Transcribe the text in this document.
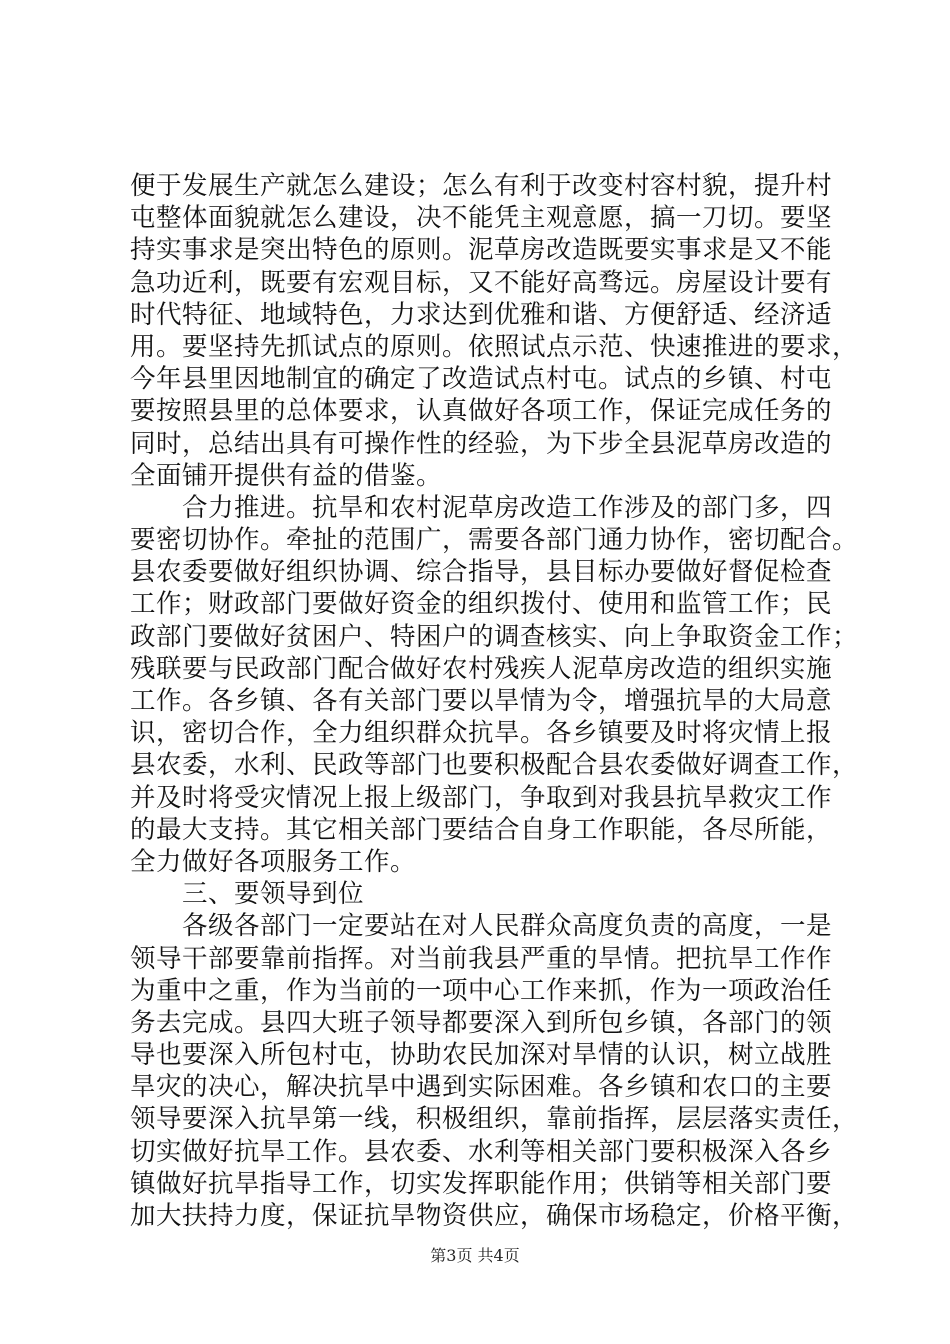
便于发展生产就怎么建设；怎么有利于改变村容村貌，提升村
屯整体面貌就怎么建设，决不能凭主观意愿，搞一刀切。要坚
持实事求是突出特色的原则。泥草房改造既要实事求是又不能
急功近利，既要有宏观目标，又不能好高骛远。房屋设计要有
时代特征、地域特色，力求达到优雅和谐、方便舒适、经济适
用。要坚持先抓试点的原则。依照试点示范、快速推进的要求，
今年县里因地制宜的确定了改造试点村屯。试点的乡镇、村屯
要按照县里的总体要求，认真做好各项工作，保证完成任务的
同时，总结出具有可操作性的经验，为下步全县泥草房改造的
全面铺开提供有益的借鉴。
　　合力推进。抗旱和农村泥草房改造工作涉及的部门多，四
要密切协作。牵扯的范围广，需要各部门通力协作，密切配合。
县农委要做好组织协调、综合指导，县目标办要做好督促检查
工作；财政部门要做好资金的组织拨付、使用和监管工作；民
政部门要做好贫困户、特困户的调查核实、向上争取资金工作；
残联要与民政部门配合做好农村残疾人泥草房改造的组织实施
工作。各乡镇、各有关部门要以旱情为令，增强抗旱的大局意
识，密切合作，全力组织群众抗旱。各乡镇要及时将灾情上报
县农委，水利、民政等部门也要积极配合县农委做好调查工作，
并及时将受灾情况上报上级部门，争取到对我县抗旱救灾工作
的最大支持。其它相关部门要结合自身工作职能，各尽所能，
全力做好各项服务工作。
　　三、要领导到位
　　各级各部门一定要站在对人民群众高度负责的高度，一是
领导干部要靠前指挥。对当前我县严重的旱情。把抗旱工作作
为重中之重，作为当前的一项中心工作来抓，作为一项政治任
务去完成。县四大班子领导都要深入到所包乡镇，各部门的领
导也要深入所包村屯，协助农民加深对旱情的认识，树立战胜
旱灾的决心，解决抗旱中遇到实际困难。各乡镇和农口的主要
领导要深入抗旱第一线，积极组织，靠前指挥，层层落实责任，
切实做好抗旱工作。县农委、水利等相关部门要积极深入各乡
镇做好抗旱指导工作，切实发挥职能作用；供销等相关部门要
加大扶持力度，保证抗旱物资供应，确保市场稳定，价格平衡，
第3页 共4页
